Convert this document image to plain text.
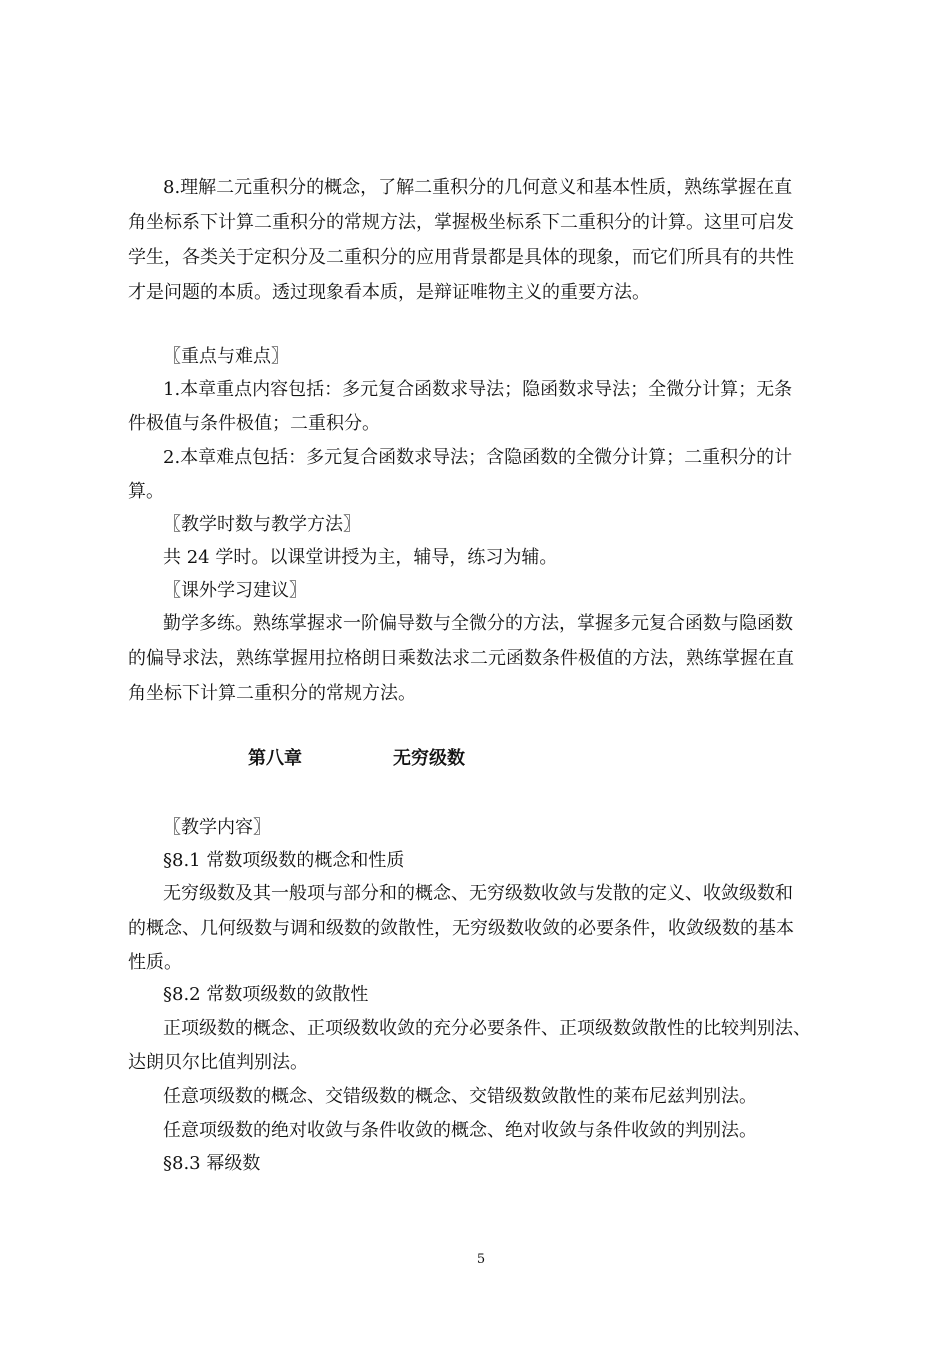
8.理解二元重积分的概念，了解二重积分的几何意义和基本性质，熟练掌握在直
角坐标系下计算二重积分的常规方法，掌握极坐标系下二重积分的计算。这里可启发
学生，各类关于定积分及二重积分的应用背景都是具体的现象，而它们所具有的共性
才是问题的本质。透过现象看本质，是辩证唯物主义的重要方法。
〖重点与难点〗
1.本章重点内容包括：多元复合函数求导法；隐函数求导法；全微分计算；无条
件极值与条件极值；二重积分。
2.本章难点包括：多元复合函数求导法；含隐函数的全微分计算；二重积分的计
算。
〖教学时数与教学方法〗
共 24 学时。以课堂讲授为主，辅导，练习为辅。
〖课外学习建议〗
勤学多练。熟练掌握求一阶偏导数与全微分的方法，掌握多元复合函数与隐函数
的偏导求法，熟练掌握用拉格朗日乘数法求二元函数条件极值的方法，熟练掌握在直
角坐标下计算二重积分的常规方法。
第八章	无穷级数
〖教学内容〗
§8.1 常数项级数的概念和性质
无穷级数及其一般项与部分和的概念、无穷级数收敛与发散的定义、收敛级数和
的概念、几何级数与调和级数的敛散性，无穷级数收敛的必要条件，收敛级数的基本
性质。
§8.2 常数项级数的敛散性
正项级数的概念、正项级数收敛的充分必要条件、正项级数敛散性的比较判别法、
达朗贝尔比值判别法。
任意项级数的概念、交错级数的概念、交错级数敛散性的莱布尼兹判别法。
任意项级数的绝对收敛与条件收敛的概念、绝对收敛与条件收敛的判别法。
§8.3 幂级数
5
